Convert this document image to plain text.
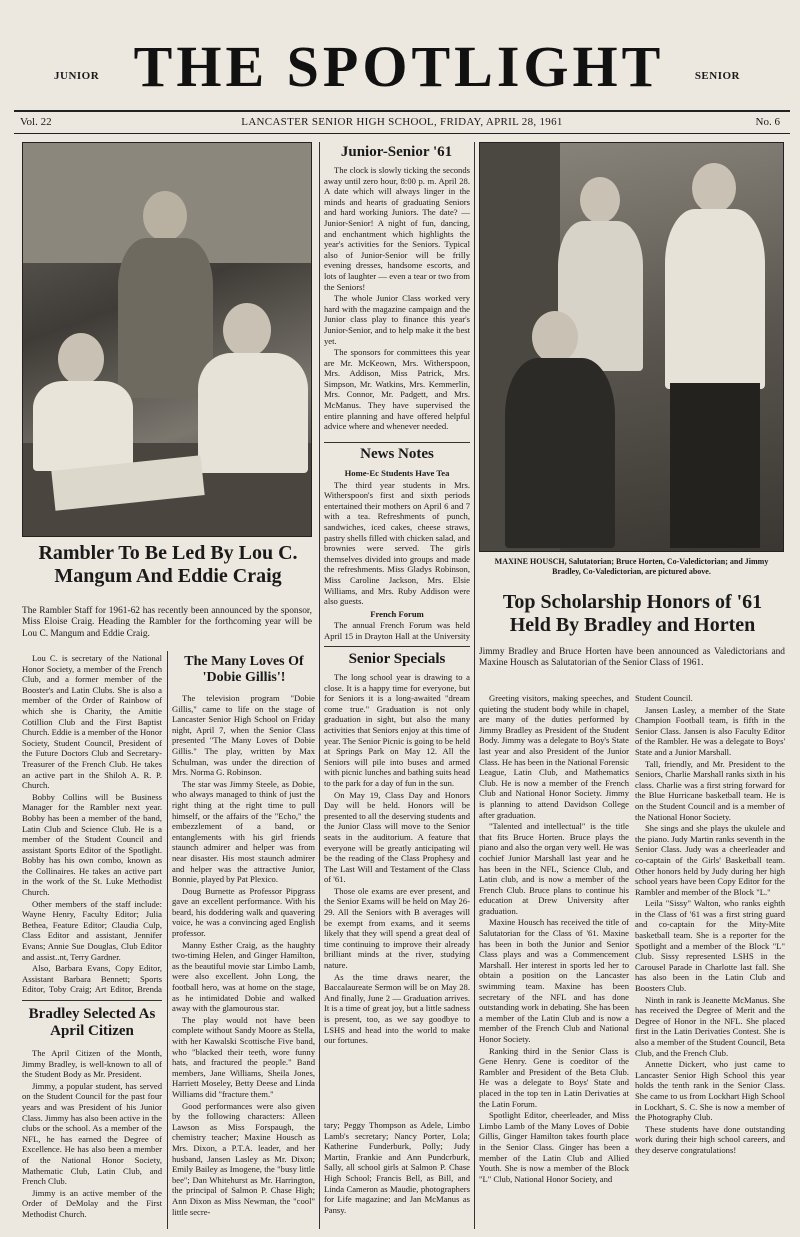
JUNIOR THE SPOTLIGHT	SENIOR
LANCASTER SENIOR HIGH SCHOOL, FRIDAY, APRIL 28, 1961
Vol. 22	No. 6
Rambler To Be Led By Lou C. Mangum And Eddie Craig
The Rambler Staff for 1961-62 has recently been announced by the sponsor, Miss Eloise Craig. Heading the Rambler for the forthcoming year will be Lou C. Mangum and Eddie Craig.

Lou C. is secretary of the National Honor Society, a member of the French Club, and a former member of the Booster's and Latin Clubs. She is also a member of the Order of Rainbow of which she is Charity, the Amitie Cotillion Club and the First Baptist Church. Eddie is a member of the Honor Society, Student Council, President of the Future Doctors Club and Secretary-Treasurer of the French Club. He takes an active part in the Shiloh A. R. P. Church.

Bobby Collins will be Business Manager for the Rambler next year. Bobby has been a member of the band, Latin Club and Science Club. He is a member of the Student Council and assistant Sports Editor of the Spotlight. Bobby has his own combo, known as the Collinaires. He takes an active part in the work of the St. Luke Methodist Church.

Other members of the staff include: Wayne Henry, Faculty Editor; Julia Bethea, Feature Editor; Claudia Culp, Class Editor and assistant, Jennifer Evans; Annie Sue Douglas, Club Editor and assist..nt, Terry Gardner.

Also, Barbara Evans, Copy Editor, Assistant Barbara Bennett; Sports Editor, Toby Craig; Art Editor, Brenda

Bradley Selected As April Citizen

The April Citizen of the Month, Jimmy Bradley, is well-known to all of the Student Body as Mr. President.

Jimmy, a popular student, has served on the Student Council for the past four years and was President of his Junior Class. Jimmy has also been active in the clubs or the school. As a member of the NFL, he has earned the Degree of Excellence. He has also been a member of the National Honor Society, Mathematic Club, Latin Club, and French Club.

Jimmy is an active member of the Order of DeMolay and the First Methodist Church.

The Many Loves Of 'Dobie Gillis'!

The television program "Dobie Gillis," came to life on the stage of Lancaster Senior High School on Friday night, April 7, when the Senior Class presented "The Many Loves of Dobie Gillis." The play, written by Max Schulman, was under the direction of Mrs. Norma G. Robinson.

The star was Jimmy Steele, as Dobie, who always managed to think of just the right thing at the right time to pull himself, or the affairs of the "Echo," the embezzlement of a band, or entanglements with his girl friends staunch admirer and helper was from near disaster. His most staunch admirer and helper was the attractive Junior, Bonnie, played by Pat Plexico.

Doug Burnette as Professor Pipgrass gave an excellent performance. With his beard, his doddering walk and quavering voice, he was a convincing aged English professor.

Manny Esther Craig, as the haughty two-timing Helen, and Ginger Hamilton, as the beautiful movie star Limbo Lamb, were also excellent. John Long, the football hero, was at home on the stage, as he intimidated Dobie and walked away with the glamourous star.

The play would not have been complete without Sandy Moore as Stella, with her Kawalski Scottische Five band, who "blacked their teeth, wore funny hats, and fractured the people." Band members, Jane Williams, Sheila Jones, Harriett Moseley, Betty Deese and Linda Williams did "fracture them."

Good performances were also given by the following characters: Alleen Lawson as Miss Forspaugh, the chemistry teacher; Maxine Housch as Mrs. Dixon, a P.T.A. leader, and her husband, Jansen Lasley as Mr. Dixon; Emily Bailey as Imogene, the "busy little bee"; Dan Whitehurst as Mr. Harrington, the principal of Salmon P. Chase High; Ann Dixon as Miss Newman, the "cool" little secre-

Junior-Senior '61

The clock is slowly ticking the seconds away until zero hour, 8:00 p. m. April 28. A date which will always linger in the minds and hearts of graduating Seniors and hard working Juniors. The date? —Junior-Senior! A night of fun, dancing, and enchantment which highlights the year's activities for the Seniors. Typical also of Junior-Senior will be frilly evening dresses, handsome escorts, and lots of laughter — even a tear or two from the Seniors!

The whole Junior Class worked very hard with the magazine campaign and the Junior class play to finance this year's Junior-Senior, and to help make it the best yet.

The sponsors for committees this year are Mr. McKeown, Mrs. Witherspoon, Mrs. Addison, Miss Patrick, Mrs. Simpson, Mr. Watkins, Mrs. Kemmerlin, Mrs. Connor, Mr. Padgett, and Mrs. McManus. They have supervised the entire planning and have offered helpful advice where and whenever needed.

News Notes

Home-Ec Students Have Tea

The third year students in Mrs. Witherspoon's first and sixth periods entertained their mothers on April 6 and 7 with a tea. Refreshments of punch, sandwiches, iced cakes, cheese straws, pastry shells filled with chicken salad, and brownies were served. The girls themselves divided into groups and made the refreshments. Miss Gladys Robinson, Miss Caroline Jackson, Mrs. Elsie Williams, and Mrs. Ruby Addison were also guests.

French Forum

The annual French Forum was held April 15 in Drayton Hall at the University

Senior Specials

The long school year is drawing to a close. It is a happy time for everyone, but for Seniors it is a long-awaited "dream come true." Graduation is not only graduation in sight, but also the many activities that Seniors enjoy at this time of year. The Senior Picnic is going to be held at Springs Park on May 12. All the Seniors will pile into buses and armed with picnic lunches and bathing suits head to the park for a day of fun in the sun.

On May 19, Class Day and Honors Day will be held. Honors will be presented to all the deserving students and the Junior Class will move to the Senior seats in the auditorium. A feature that everyone will be greatly anticipating wil be the reading of the Class Prophesy and The Last Will and Testament of the Class of '61.

Those ole exams are ever present, and the Senior Exams will be held on May 26-29. All the Seniors with B averages will be exempt from exams, and it seems likely that they will spend a great deal of time continuing to improve their already brilliant minds at the river, studying nature.

As the time draws nearer, the Baccalaureate Sermon will be on May 28. And finally, June 2 — Graduation arrives. It is a time of great joy, but a little sadness is present, too, as we say goodbye to LSHS and head into the world to make our fortunes.

tary; Peggy Thompson as Adele, Limbo Lamb's secretary; Nancy Porter, Lola; Katherine Funderburk, Polly; Judy Martin, Frankie and Ann Pundcrburk, Sally, all school girls at Salmon P. Chase High School; Francis Bell, as Bill, and Linda Cameron as Maudie, photographers for Life magazine; and Jan McManus as Pansy.
MAXINE HOUSCH, Salutatorian; Bruce Horten, Co-Valedictorian; and Jimmy Bradley, Co-Valedictorian, are pictured above.
Top Scholarship Honors of '61 Held By Bradley and Horten
Jimmy Bradley and Bruce Horten have been announced as Valedictorians and Maxine Housch as Salutatorian of the Senior Class of 1961.

Greeting visitors, making speeches, and quieting the student body while in chapel, are many of the duties performed by Jimmy Bradley as President of the Student Body. Jimmy was a delegate to Boy's State last year and also President of the Junior Class. He has been in the National Forensic League, Latin Club, and Mathematics Club. He is now a member of the French Club and National Honor Society. Jimmy is planning to attend Davidson College after graduation.

"Talented and intellectual" is the title that fits Bruce Horten. Bruce plays the piano and also the organ very well. He was cochief Junior Marshall last year and he has been in the NFL, Science Club, and Latin club, and is now a member of the French Club. Bruce plans to continue his education at Drew University after graduation.

Maxine Housch has received the title of Salutatorian for the Class of '61. Maxine has been in both the Junior and Senior Class plays and was a Commencement Marshall. Her interest in sports led her to obtain a position on the Lancaster swimming team. Maxine has been secretary of the NFL and has done outstanding work in debating. She has been a member of the Latin Club and is now a member of the French Club and National Honor Society.

Ranking third in the Senior Class is Gene Henry. Gene is coeditor of the Rambler and President of the Beta Club. He was a delegate to Boys' State and placed in the top ten in Latin Derivaties at the Latin Forum.

Spotlight Editor, cheerleader, and Miss Limbo Lamb of the Many Loves of Dobie Gillis, Ginger Hamilton takes fourth place in the Senior Class. Ginger has been a member of the Latin Club and Allied Youth. She is now a member of the Block "L" Club, National Honor Society, and

Student Council.

Jansen Lasley, a member of the State Champion Football team, is fifth in the Senior Class. Jansen is also Faculty Editor of the Rambler. He was a delegate to Boys' State and a Junior Marshall.

Tall, friendly, and Mr. President to the Seniors, Charlie Marshall ranks sixth in his class. Charlie was a first string forward for the Blue Hurricane basketball team. He is on the Student Council and is a member of the National Honor Society.

She sings and she plays the ukulele and the piano. Judy Martin ranks seventh in the Senior Class. Judy was a cheerleader and co-captain of the Girls' Basketball team. Other honors held by Judy during her high school years have been Copy Editor for the Rambler and member of the Block "L."

Leila "Sissy" Walton, who ranks eighth in the Class of '61 was a first string guard and co-captain for the Mity-Mite basketball team. She is a reporter for the Spotlight and a member of the Block "L" Club. Sissy represented LSHS in the Carousel Parade in Charlotte last fall. She has also been in the Latin Club and Boosters Club.

Ninth in rank is Jeanette McManus. She has received the Degree of Merit and the Degree of Honor in the NFL. She placed first in the Latin Derivaties Contest. She is also a member of the Student Council, Beta Club, and the French Club.

Annette Dickert, who just came to Lancaster Senior High School this year holds the tenth rank in the Senior Class. She came to us from Lockhart High School in Lockhart, S. C. She is now a member of the Photography Club.

These students have done outstanding work during their high school careers, and they deserve congratulations!
